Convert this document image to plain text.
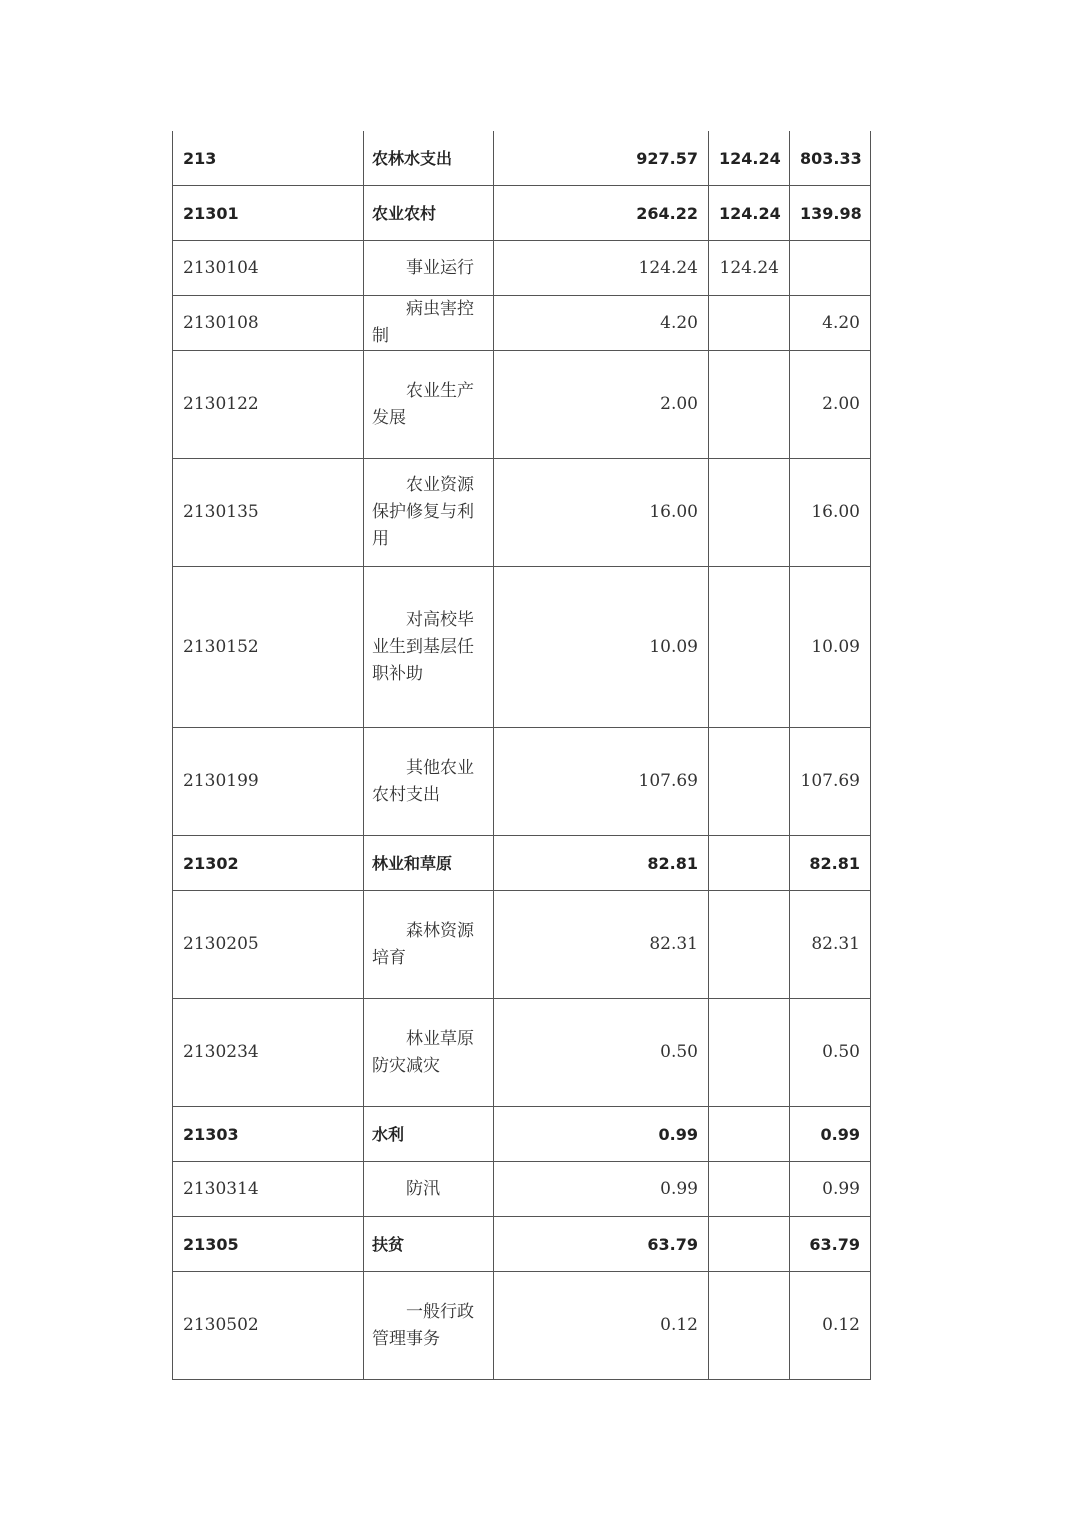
213	农林水支出	927.57	124.24	803.33
21301	农业农村	264.22	124.24	139.98
2130104	事业运行	124.24	124.24	
2130108	病虫害控制	4.20		4.20
2130122	农业生产发展	2.00		2.00
2130135	农业资源保护修复与利用	16.00		16.00
2130152	对高校毕业生到基层任职补助	10.09		10.09
2130199	其他农业农村支出	107.69		107.69
21302	林业和草原	82.81		82.81
2130205	森林资源培育	82.31		82.31
2130234	林业草原防灾减灾	0.50		0.50
21303	水利	0.99		0.99
2130314	防汛	0.99		0.99
21305	扶贫	63.79		63.79
2130502	一般行政管理事务	0.12		0.12
